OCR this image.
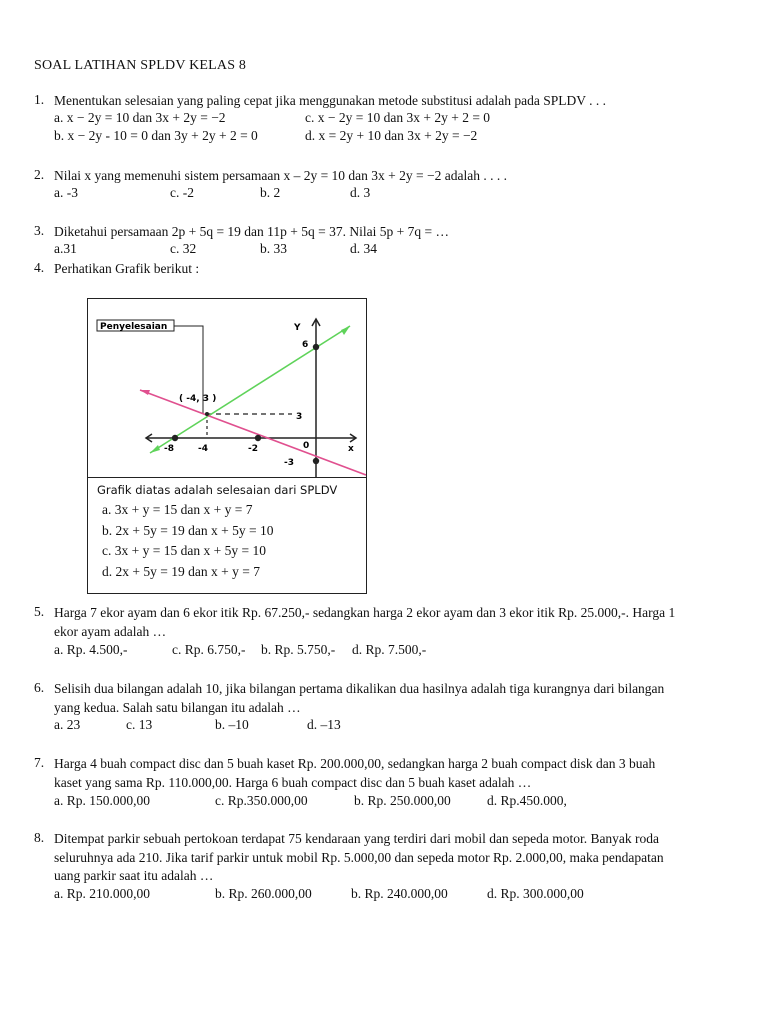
SOAL LATIHAN SPLDV KELAS 8
1. Menentukan selesaian yang paling cepat jika menggunakan metode substitusi adalah pada SPLDV . . .
a. x − 2y = 10 dan 3x + 2y = −2	c. x − 2y = 10 dan 3x + 2y + 2 = 0
b. x − 2y - 10 = 0 dan 3y + 2y + 2 = 0	d. x = 2y + 10 dan 3x + 2y = −2
2. Nilai x yang memenuhi sistem persamaan x – 2y = 10 dan 3x + 2y = −2 adalah . . . .
a. -3	c. -2	b. 2	d. 3
3. Diketahui persamaan 2p + 5q = 19 dan 11p + 5q = 37. Nilai 5p + 7q = …
a.31	c. 32	b. 33	d. 34
4. Perhatikan Grafik berikut :
Penyelesaian
( -4, 3 )
Y
6
3
0
-3
x
-8	-4	-2
Grafik diatas adalah selesaian dari SPLDV
a. 3x + y = 15 dan x + y = 7
b. 2x + 5y = 19 dan x + 5y = 10
c. 3x + y = 15 dan x + 5y = 10
d. 2x + 5y = 19 dan x + y = 7
5. Harga 7 ekor ayam dan 6 ekor itik Rp. 67.250,- sedangkan harga 2 ekor ayam dan 3 ekor itik Rp. 25.000,-. Harga 1
ekor ayam adalah …
a. Rp. 4.500,-	c. Rp. 6.750,- b. Rp. 5.750,- d. Rp. 7.500,-
6. Selisih dua bilangan adalah 10, jika bilangan pertama dikalikan dua hasilnya adalah tiga kurangnya dari bilangan
yang kedua. Salah satu bilangan itu adalah …
a. 23	c. 13	b. –10	d. –13
7. Harga 4 buah compact disc dan 5 buah kaset Rp. 200.000,00, sedangkan harga 2 buah compact disk dan 3 buah
kaset yang sama Rp. 110.000,00. Harga 6 buah compact disc dan 5 buah kaset adalah …
a. Rp. 150.000,00	c. Rp.350.000,00	b. Rp. 250.000,00	d. Rp.450.000,
8. Ditempat parkir sebuah pertokoan terdapat 75 kendaraan yang terdiri dari mobil dan sepeda motor. Banyak roda
seluruhnya ada 210. Jika tarif parkir untuk mobil Rp. 5.000,00 dan sepeda motor Rp. 2.000,00, maka pendapatan
uang parkir saat itu adalah …
a. Rp. 210.000,00	b. Rp. 260.000,00	b. Rp. 240.000,00	d. Rp. 300.000,00
